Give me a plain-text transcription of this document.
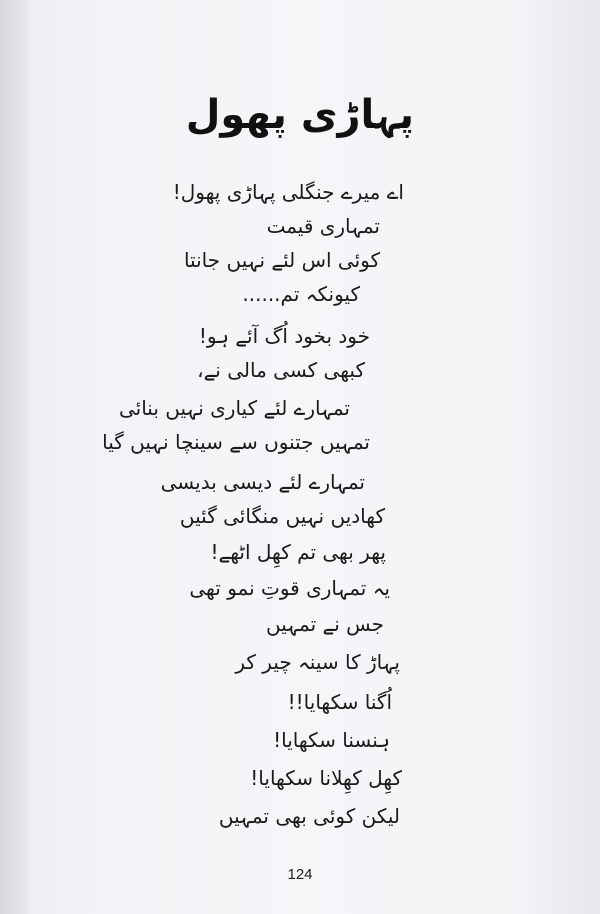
پہاڑی پھول
اے میرے جنگلی پہاڑی پھول!
تمہاری قیمت
کوئی اس لئے نہیں جانتا
کیونکہ تم......
خود بخود اُگ آئے ہو!
کبھی کسی مالی نے،
تمہارے لئے کیاری نہیں بنائی
تمہیں جتنوں سے سینچا نہیں گیا
تمہارے لئے دیسی بدیسی
کھادیں نہیں منگائی گئیں
پھر بھی تم کھِل اٹھے!
یہ تمہاری قوتِ نمو تھی
جس نے تمہیں
پہاڑ کا سینہ چیر کر
اُگنا سکھایا!!
ہنسنا سکھایا!
کھِل کھِلانا سکھایا!
لیکن کوئی بھی تمہیں
124
